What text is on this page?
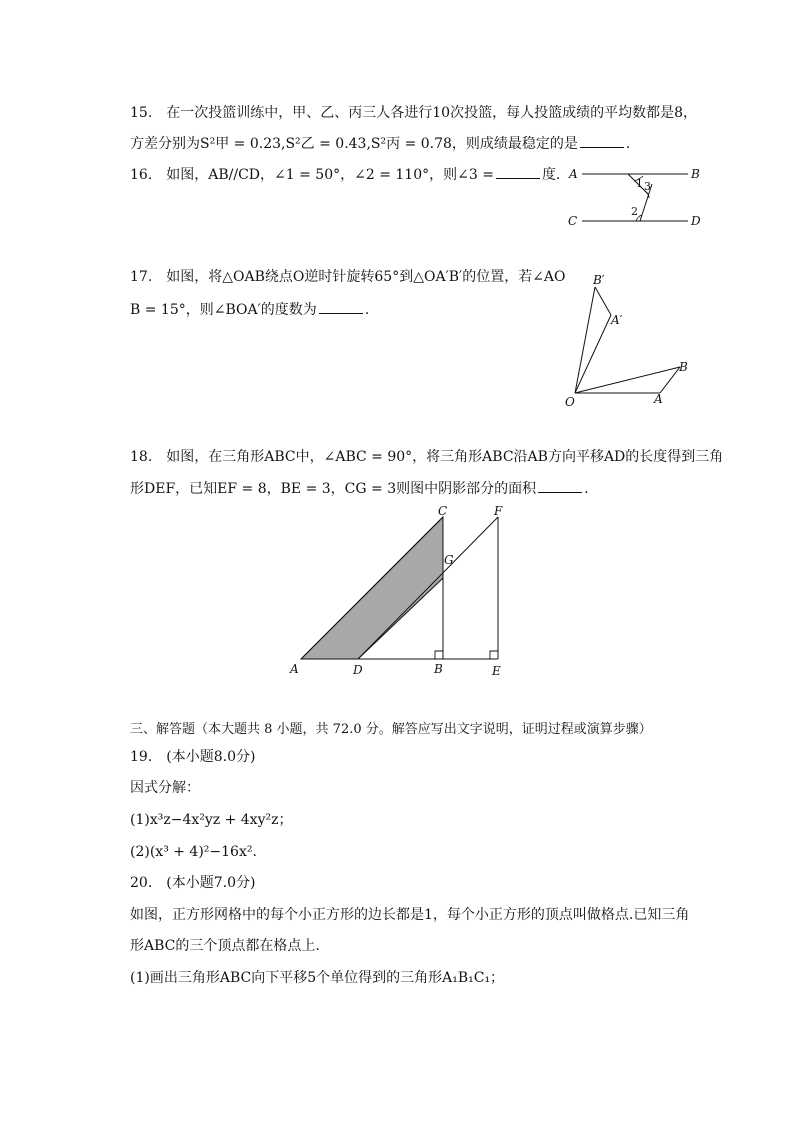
15. 在一次投篮训练中，甲、乙、丙三人各进行10次投篮，每人投篮成绩的平均数都是8，
方差分别为S²甲 = 0.23,S²乙 = 0.43,S²丙 = 0.78，则成绩最稳定的是	.
16. 如图，AB//CD，∠1 = 50°，∠2 = 110°，则∠3 =	度. A	B
C	D
1 3
2
17. 如图，将△OAB绕点O逆时针旋转65°到△OA′B′的位置，若∠AO
B = 15°，则∠BOA′的度数为	.
B′
A′
B
O	A
18. 如图，在三角形ABC中，∠ABC = 90°，将三角形ABC沿AB方向平移AD的长度得到三角
形DEF，已知EF = 8，BE = 3，CG = 3则图中阴影部分的面积	.
C	F
G
A	D	B	E
三、解答题（本大题共 8 小题，共 72.0 分。解答应写出文字说明，证明过程或演算步骤）
19.　(本小题8.0分)
因式分解：
(1)x³z−4x²yz + 4xy²z；
(2)(x³ + 4)²−16x².
20.　(本小题7.0分)
如图，正方形网格中的每个小正方形的边长都是1，每个小正方形的顶点叫做格点.已知三角
形ABC的三个顶点都在格点上.
(1)画出三角形ABC向下平移5个单位得到的三角形A₁B₁C₁；
